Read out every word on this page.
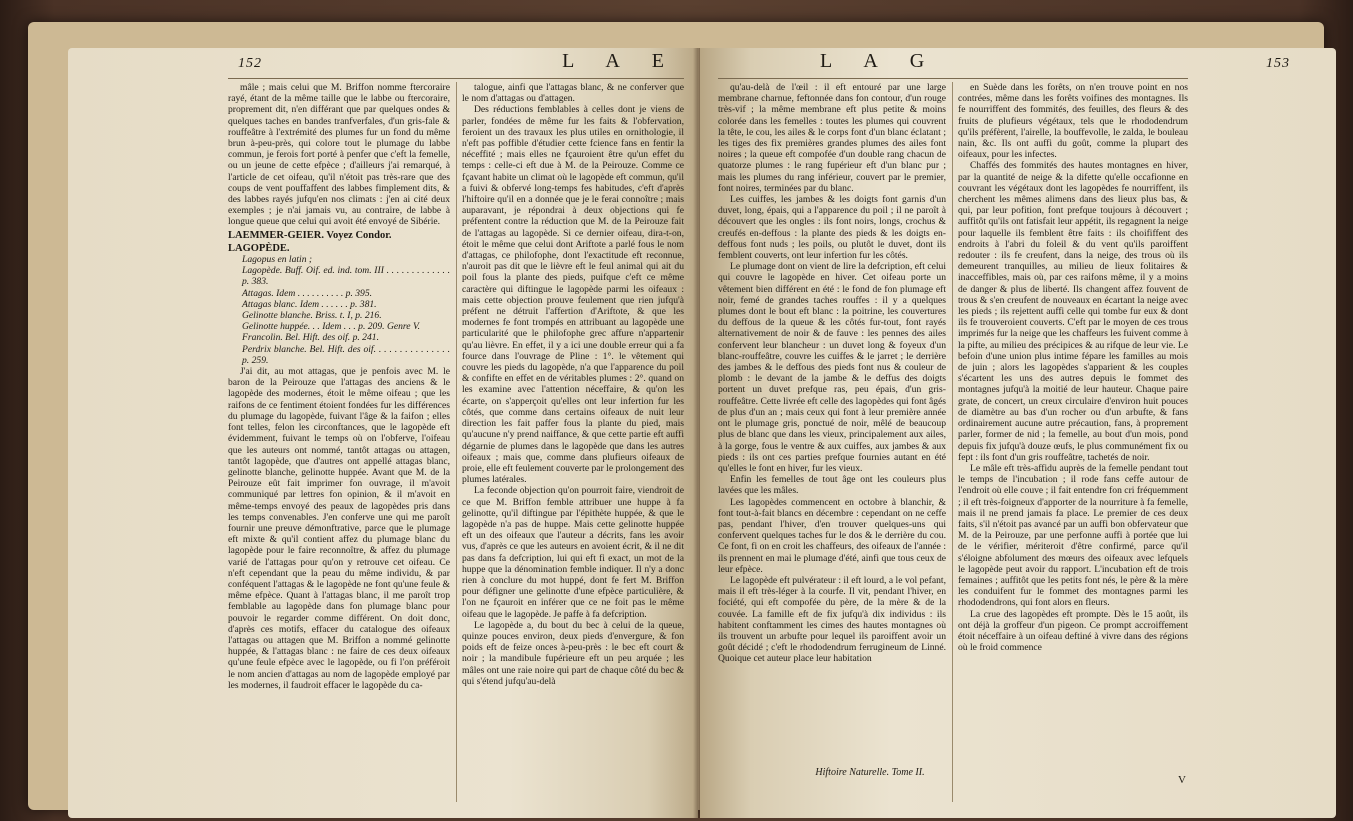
152	L A E

mâle ; mais celui que M. Briffon nomme ftercoraire rayé, étant de la même taille que le labbe ou ftercoraire, proprement dit, n'en différant que par quelques ondes & quelques taches en bandes tranfverfales, d'un gris-fale & rouffeâtre à l'extrémité des plumes fur un fond du même brun à-peu-près, qui colore tout le plumage du labbe commun, je ferois fort porté à penfer que c'eft la femelle, ou un jeune de cette efpèce ; d'ailleurs j'ai remarqué, à l'article de cet oifeau, qu'il n'étoit pas très-rare que des coups de vent pouffaffent des labbes fimplement dits, & des labbes rayés jufqu'en nos climats : j'en ai cité deux exemples ; je n'ai jamais vu, au contraire, de labbe à longue queue que celui qui avoit été envoyé de Sibérie.

LAEMMER-GEIER. Voyez Condor.

LAGOPÈDE.

Lagopus en latin ;

Lagopède. Buff. Oif. ed. ind. tom. III . . . . . . . . . . . . . p. 383.

Attagas. Idem . . . . . . . . . . p. 395.

Attagas blanc. Idem . . . . . . p. 381.

Gelinotte blanche. Briss. t. I, p. 216.

Gelinotte huppée. . . Idem . . . p. 209. Genre V.

Francolin. Bel. Hift. des oif. p. 241.

Perdrix blanche. Bel. Hift. des oif. . . . . . . . . . . . . . . p. 259.

J'ai dit, au mot attagas, que je penfois avec M. le baron de la Peirouze que l'attagas des anciens & le lagopède des modernes, étoit le même oifeau ; que les raifons de ce fentiment étoient fondées fur les différences du plumage du lagopède, fuivant l'âge & la faifon ; elles font telles, felon les circonftances, que le lagopède eft évidemment, fuivant le temps où on l'obferve, l'oifeau que les auteurs ont nommé, tantôt attagas ou attagen, tantôt lagopède, que d'autres ont appellé attagas blanc, gelinotte blanche, gelinotte huppée. Avant que M. de la Peirouze eût fait imprimer fon ouvrage, il m'avoit communiqué par lettres fon opinion, & il m'avoit en même-temps envoyé des peaux de lagopèdes pris dans les temps convenables. J'en conferve une qui me paroît fournir une preuve démonftrative, parce que le plumage eft mixte & qu'il contient affez du plumage blanc du lagopède pour le faire reconnoître, & affez du plumage varié de l'attagas pour qu'on y retrouve cet oifeau. Ce n'eft cependant que la peau du même individu, & par conféquent l'attagas & le lagopède ne font qu'une feule & même efpèce. Quant à l'attagas blanc, il me paroît trop femblable au lagopède dans fon plumage blanc pour pouvoir le regarder comme différent. On doit donc, d'après ces motifs, effacer du catalogue des oifeaux l'attagas ou attagen que M. Briffon a nommé gelinotte huppée, & l'attagas blanc : ne faire de ces deux oifeaux qu'une feule efpèce avec le lagopède, ou fi l'on préféroit le nom ancien d'attagas au nom de lagopède employé par les modernes, il faudroit effacer le lagopède du ca-

talogue, ainfi que l'attagas blanc, & ne conferver que le nom d'attagas ou d'attagen.

Des réductions femblables à celles dont je viens de parler, fondées de même fur les faits & l'obfervation, feroient un des travaux les plus utiles en ornithologie, il n'eft pas poffible d'étudier cette fcience fans en fentir la néceffité ; mais elles ne fçauroient être qu'un effet du temps : celle-ci eft due à M. de la Peirouze. Comme ce fçavant habite un climat où le lagopède eft commun, qu'il a fuivi & obfervé long-temps fes habitudes, c'eft d'après l'hiftoire qu'il en a donnée que je le ferai connoître ; mais auparavant, je répondrai à deux objections qui fe préfentent contre la réduction que M. de la Peirouze fait de l'attagas au lagopède. Si ce dernier oifeau, dira-t-on, étoit le même que celui dont Ariftote a parlé fous le nom d'attagas, ce philofophe, dont l'exactitude eft reconnue, n'auroit pas dit que le lièvre eft le feul animal qui ait du poil fous la plante des pieds, puifque c'eft ce même caractère qui diftingue le lagopède parmi les oifeaux : mais cette objection prouve feulement que rien jufqu'à préfent ne détruit l'affertion d'Ariftote, & que les modernes fe font trompés en attribuant au lagopède une particularité que le philofophe grec affure n'appartenir qu'au lièvre. En effet, il y a ici une double erreur qui a fa fource dans l'ouvrage de Pline : 1°. le vêtement qui couvre les pieds du lagopède, n'a que l'apparence du poil & confifte en effet en de véritables plumes : 2°. quand on les examine avec l'attention néceffaire, & qu'on les écarte, on s'apperçoit qu'elles ont leur infertion fur les côtés, que comme dans certains oifeaux de nuit leur direction les fait paffer fous la plante du pied, mais qu'aucune n'y prend naiffance, & que cette partie eft auffi dégarnie de plumes dans le lagopède que dans les autres oifeaux ; mais que, comme dans plufieurs oifeaux de proie, elle eft feulement couverte par le prolongement des plumes latérales.

La feconde objection qu'on pourroit faire, viendroit de ce que M. Briffon femble attribuer une huppe à fa gelinotte, qu'il diftingue par l'épithète huppée, & que le lagopède n'a pas de huppe. Mais cette gelinotte huppée eft un des oifeaux que l'auteur a décrits, fans les avoir vus, d'après ce que les auteurs en avoient écrit, & il ne dit pas dans fa defcription, lui qui eft fi exact, un mot de la huppe que la dénomination femble indiquer. Il n'y a donc rien à conclure du mot huppé, dont fe fert M. Briffon pour défigner une gelinotte d'une efpèce particulière, & l'on ne fçauroit en inférer que ce ne foit pas le même oifeau que le lagopède. Je paffe à fa defcription.

Le lagopède a, du bout du bec à celui de la queue, quinze pouces environ, deux pieds d'envergure, & fon poids eft de feize onces à-peu-près : le bec eft court & noir ; la mandibule fupérieure eft un peu arquée ; les mâles ont une raie noire qui part de chaque côté du bec & qui s'étend jufqu'au-delà

L A G	153

qu'au-delà de l'œil : il eft entouré par une large membrane charnue, feftonnée dans fon contour, d'un rouge très-vif ; la même membrane eft plus petite & moins colorée dans les femelles : toutes les plumes qui couvrent la tête, le cou, les ailes & le corps font d'un blanc éclatant ; les tiges des fix premières grandes plumes des ailes font noires ; la queue eft compofée d'un double rang chacun de quatorze plumes : le rang fupérieur eft d'un blanc pur ; mais les plumes du rang inférieur, couvert par le premier, font noires, terminées par du blanc.

Les cuiffes, les jambes & les doigts font garnis d'un duvet, long, épais, qui a l'apparence du poil ; il ne paroît à découvert que les ongles : ils font noirs, longs, crochus & creufés en-deffous : la plante des pieds & les doigts en-deffous font nuds ; les poils, ou plutôt le duvet, dont ils femblent couverts, ont leur infertion fur les côtés.

Le plumage dont on vient de lire la defcription, eft celui qui couvre le lagopède en hiver. Cet oifeau porte un vêtement bien différent en été : le fond de fon plumage eft noir, femé de grandes taches rouffes : il y a quelques plumes dont le bout eft blanc : la poitrine, les couvertures du deffous de la queue & les côtés fur-tout, font rayés alternativement de noir & de fauve : les pennes des ailes confervent leur blancheur : un duvet long & foyeux d'un blanc-rouffeâtre, couvre les cuiffes & le jarret ; le derrière des jambes & le deffous des pieds font nus & couleur de plomb : le devant de la jambe & le deffus des doigts portent un duvet prefque ras, peu épais, d'un gris-rouffeâtre. Cette livrée eft celle des lagopèdes qui font âgés de plus d'un an ; mais ceux qui font à leur première année ont le plumage gris, ponctué de noir, mêlé de beaucoup plus de blanc que dans les vieux, principalement aux ailes, à la gorge, fous le ventre & aux cuiffes, aux jambes & aux pieds : ils ont ces parties prefque fournies autant en été qu'elles le font en hiver, fur les vieux.

Enfin les femelles de tout âge ont les couleurs plus lavées que les mâles.

Les lagopèdes commencent en octobre à blanchir, & font tout-à-fait blancs en décembre : cependant on ne ceffe pas, pendant l'hiver, d'en trouver quelques-uns qui confervent quelques taches fur le dos & le derrière du cou. Ce font, fi on en croit les chaffeurs, des oifeaux de l'année : ils prennent en mai le plumage d'été, ainfi que tous ceux de leur efpèce.

Le lagopède eft pulvérateur : il eft lourd, a le vol pefant, mais il eft très-léger à la courfe. Il vit, pendant l'hiver, en fociété, qui eft compofée du père, de la mère & de la couvée. La famille eft de fix jufqu'à dix individus : ils habitent conftamment les cimes des hautes montagnes où ils trouvent un arbufte pour lequel ils paroiffent avoir un goût décidé ; c'eft le rhododendrum ferrugineum de Linné. Quoique cet auteur place leur habitation

en Suède dans les forêts, on n'en trouve point en nos contrées, même dans les forêts voifines des montagnes. Ils fe nourriffent des fommités, des feuilles, des fleurs & des fruits de plufieurs végétaux, tels que le rhododendrum qu'ils préfèrent, l'airelle, la bouffevolle, le zalda, le bouleau nain, &c. Ils ont auffi du goût, comme la plupart des oifeaux, pour les infectes.

Chaffés des fommités des hautes montagnes en hiver, par la quantité de neige & la difette qu'elle occafionne en couvrant les végétaux dont les lagopèdes fe nourriffent, ils cherchent les mêmes alimens dans des lieux plus bas, & qui, par leur pofition, font prefque toujours à découvert ; auffitôt qu'ils ont fatisfait leur appétit, ils regagnent la neige pour laquelle ils femblent être faits : ils choififfent des endroits à l'abri du foleil & du vent qu'ils paroiffent redouter : ils fe creufent, dans la neige, des trous où ils demeurent tranquilles, au milieu de lieux folitaires & inacceffibles, mais où, par ces raifons même, il y a moins de danger & plus de liberté. Ils changent affez fouvent de trous & s'en creufent de nouveaux en écartant la neige avec les pieds ; ils rejettent auffi celle qui tombe fur eux & dont ils fe trouveroient couverts. C'eft par le moyen de ces trous imprimés fur la neige que les chaffeurs les fuivent comme à la pifte, au milieu des précipices & au rifque de leur vie. Le befoin d'une union plus intime fépare les familles au mois de juin ; alors les lagopèdes s'apparient & les couples s'écartent les uns des autres depuis le fommet des montagnes jufqu'à la moitié de leur hauteur. Chaque paire grate, de concert, un creux circulaire d'environ huit pouces de diamètre au bas d'un rocher ou d'un arbufte, & fans ordinairement aucune autre précaution, fans, à proprement parler, former de nid ; la femelle, au bout d'un mois, pond depuis fix jufqu'à douze œufs, le plus communément fix ou fept : ils font d'un gris rouffeâtre, tachetés de noir.

Le mâle eft très-affidu auprès de la femelle pendant tout le temps de l'incubation ; il rode fans ceffe autour de l'endroit où elle couve ; il fait entendre fon cri fréquemment ; il eft très-foigneux d'apporter de la nourriture à fa femelle, mais il ne prend jamais fa place. Le premier de ces deux faits, s'il n'étoit pas avancé par un auffi bon obfervateur que M. de la Peirouze, par une perfonne auffi à portée que lui de le vérifier, mériteroit d'être confirmé, parce qu'il s'éloigne abfolument des mœurs des oifeaux avec lefquels le lagopède peut avoir du rapport. L'incubation eft de trois femaines ; auffitôt que les petits font nés, le père & la mère les conduifent fur le fommet des montagnes parmi les rhododendrons, qui font alors en fleurs.

La crue des lagopèdes eft prompte. Dès le 15 août, ils ont déjà la groffeur d'un pigeon. Ce prompt accroiffement étoit néceffaire à un oifeau deftiné à vivre dans des régions où le froid commence

Hiftoire Naturelle. Tome II.
V
